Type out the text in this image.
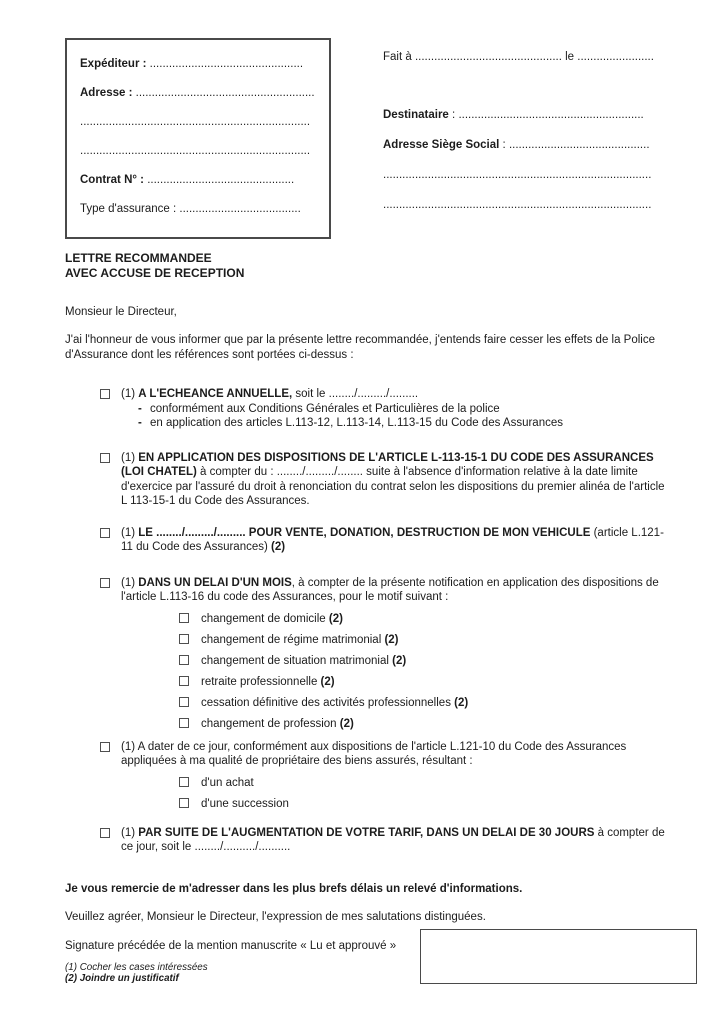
Expéditeur : ................................................

Adresse : ........................................................

........................................................................

........................................................................

Contrat N° : ..............................................

Type d'assurance : ......................................

Fait à .............................................. le ........................

Destinataire : ..........................................................

Adresse Siège Social : ............................................

....................................................................................

....................................................................................

LETTRE RECOMMANDEE

AVEC ACCUSE DE RECEPTION

Monsieur le Directeur,

J'ai l'honneur de vous informer que par la présente lettre recommandée, j'entends faire cesser les effets de la Police d'Assurance dont les références sont portées ci-dessus :

(1) A L'ECHEANCE ANNUELLE, soit le ......../........./.........
- conformément aux Conditions Générales et Particulières de la police
- en application des articles L.113-12, L.113-14, L.113-15 du Code des Assurances
(1) EN APPLICATION DES DISPOSITIONS DE L'ARTICLE L-113-15-1 DU CODE DES ASSURANCES (LOI CHATEL) à compter du : ......../........./........ suite à l'absence d'information relative à la date limite d'exercice par l'assuré du droit à renonciation du contrat selon les dispositions du premier alinéa de l'article L 113-15-1 du Code des Assurances.
(1) LE ......../........./......... POUR VENTE, DONATION, DESTRUCTION DE MON VEHICULE (article L.121-11 du Code des Assurances) (2)
(1) DANS UN DELAI D'UN MOIS, à compter de la présente notification en application des dispositions de l'article L.113-16 du code des Assurances, pour le motif suivant :
changement de domicile (2)
changement de régime matrimonial (2)
changement de situation matrimonial (2)
retraite professionnelle (2)
cessation définitive des activités professionnelles (2)
changement de profession (2)
(1) A dater de ce jour, conformément aux dispositions de l'article L.121-10 du Code des Assurances appliquées à ma qualité de propriétaire des biens assurés, résultant :
d'un achat
d'une succession
(1) PAR SUITE DE L'AUGMENTATION DE VOTRE TARIF, DANS UN DELAI DE 30 JOURS à compter de ce jour, soit le ......../........../..........

Je vous remercie de m'adresser dans les plus brefs délais un relevé d'informations.

Veuillez agréer, Monsieur le Directeur, l'expression de mes salutations distinguées.

Signature précédée de la mention manuscrite « Lu et approuvé »

(1) Cocher les cases intéressées

(2) Joindre un justificatif
